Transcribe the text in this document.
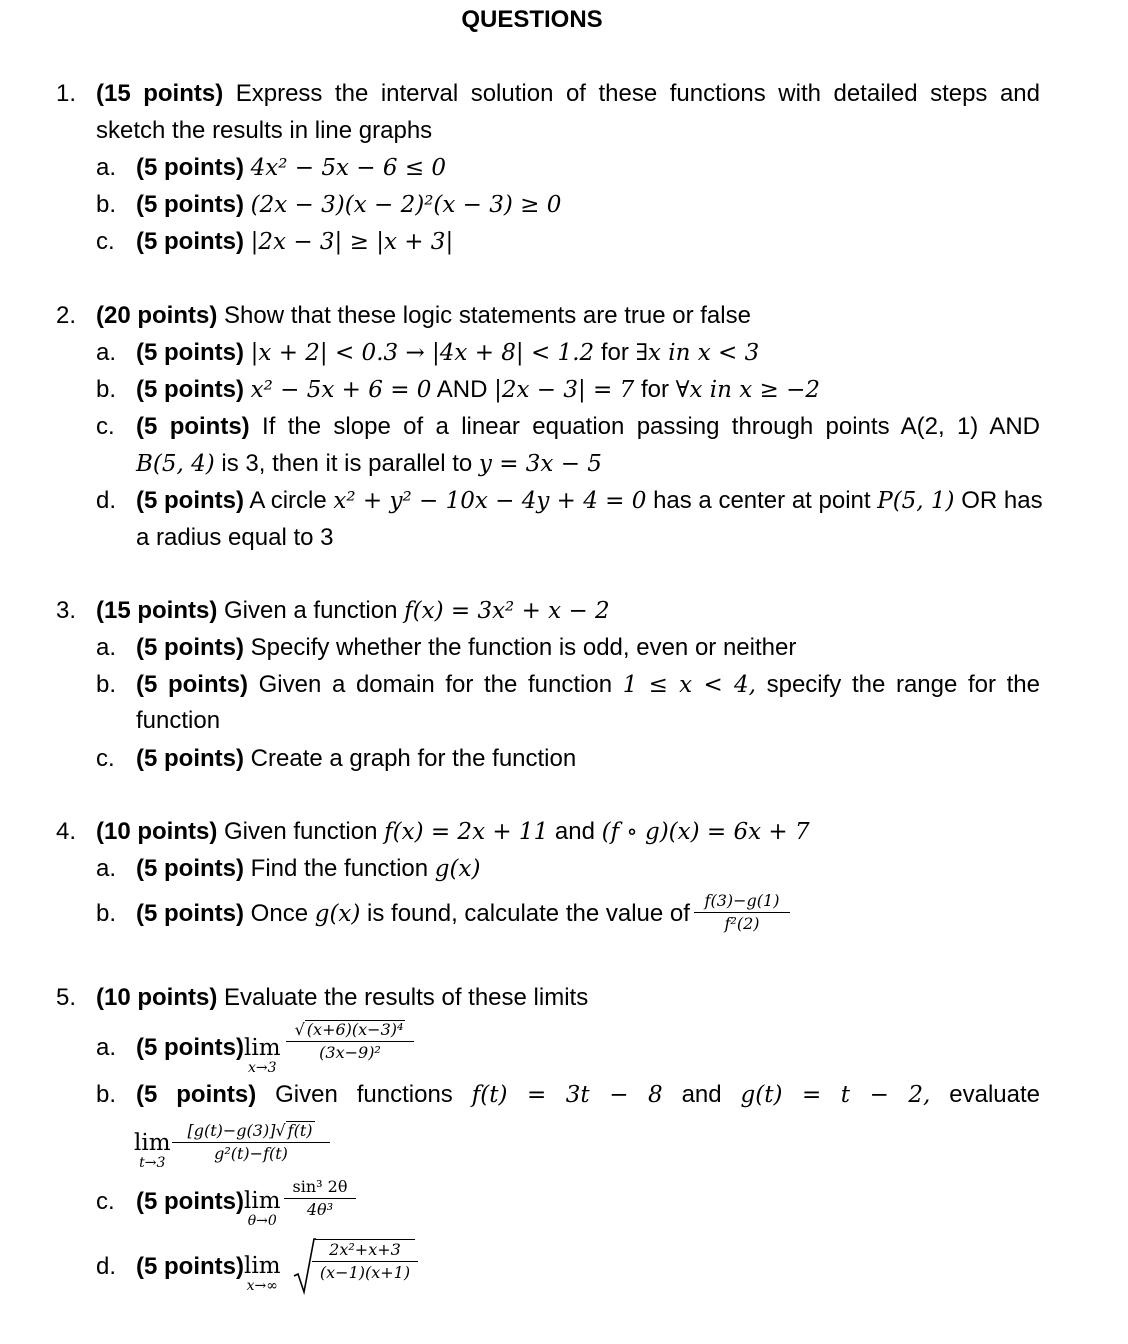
QUESTIONS
1. (15 points) Express the interval solution of these functions with detailed steps and
sketch the results in line graphs
a. (5 points) 4x² − 5x − 6 ≤ 0
b. (5 points) (2x − 3)(x − 2)²(x − 3) ≥ 0
c. (5 points) |2x − 3| ≥ |x + 3|
2. (20 points) Show that these logic statements are true or false
a. (5 points) |x + 2| < 0.3 → |4x + 8| < 1.2 for ∃x in x < 3
b. (5 points) x² − 5x + 6 = 0 AND |2x − 3| = 7 for ∀x in x ≥ −2
c. (5 points) If the slope of a linear equation passing through points A(2, 1) AND
B(5, 4) is 3, then it is parallel to y = 3x − 5
d. (5 points) A circle x² + y² − 10x − 4y + 4 = 0 has a center at point P(5, 1) OR has
a radius equal to 3
3. (15 points) Given a function f(x) = 3x² + x − 2
a. (5 points) Specify whether the function is odd, even or neither
b. (5 points) Given a domain for the function 1 ≤ x < 4, specify the range for the
function
c. (5 points) Create a graph for the function
4. (10 points) Given function f(x) = 2x + 11 and (f ∘ g)(x) = 6x + 7
a. (5 points) Find the function g(x)
b. (5 points) Once g(x) is found, calculate the value of f(3)−g(1)
f²(2)
5. (10 points) Evaluate the results of these limits
a. (5 points) lim
x→3
√ (x+6)(x−3)⁴
(3x−9)²
b. (5 points) Given functions f(t) = 3t − 8 and g(t) = t − 2, evaluate
lim
t→3
[g(t)−g(3)]√ f(t)
g²(t)−f(t)
c. (5 points) lim
θ→0
sin³ 2θ
4θ³
d. (5 points) lim
x→∞
2x²+x+3
(x−1)(x+1)
